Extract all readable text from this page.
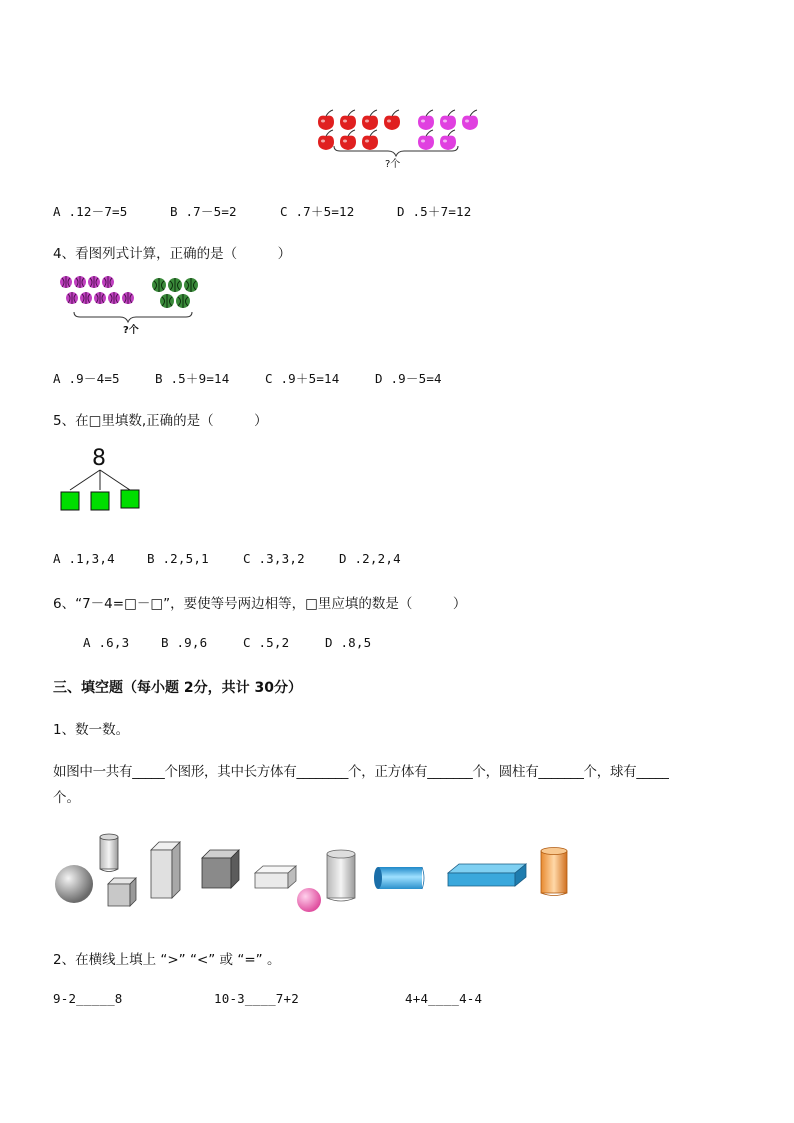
?个
A .12－7=5	B .7－5=2	C .7＋5=12	D .5＋7=12
4、看图列式计算，正确的是（　　　）
?个
A .9－4=5	B .5＋9=14	C .9＋5=14	D .9－5=4
5、在□里填数,正确的是（　　　）
8
A .1,3,4	B .2,5,1	C .3,3,2	D .2,2,4
6、“7－4=□－□”，要使等号两边相等，□里应填的数是（　　　）
A .6,3	B .9,6	C .5,2	D .8,5
三、填空题（每小题 2分，共计 30分）
1、数一数。
如图中一共有_____个图形，其中长方体有________个，正方体有_______个，圆柱有_______个，球有_____
个。
2、在横线上填上 “>” “<” 或 “=” 。
9-2_____8	10-3____7+2	4+4____4-4
